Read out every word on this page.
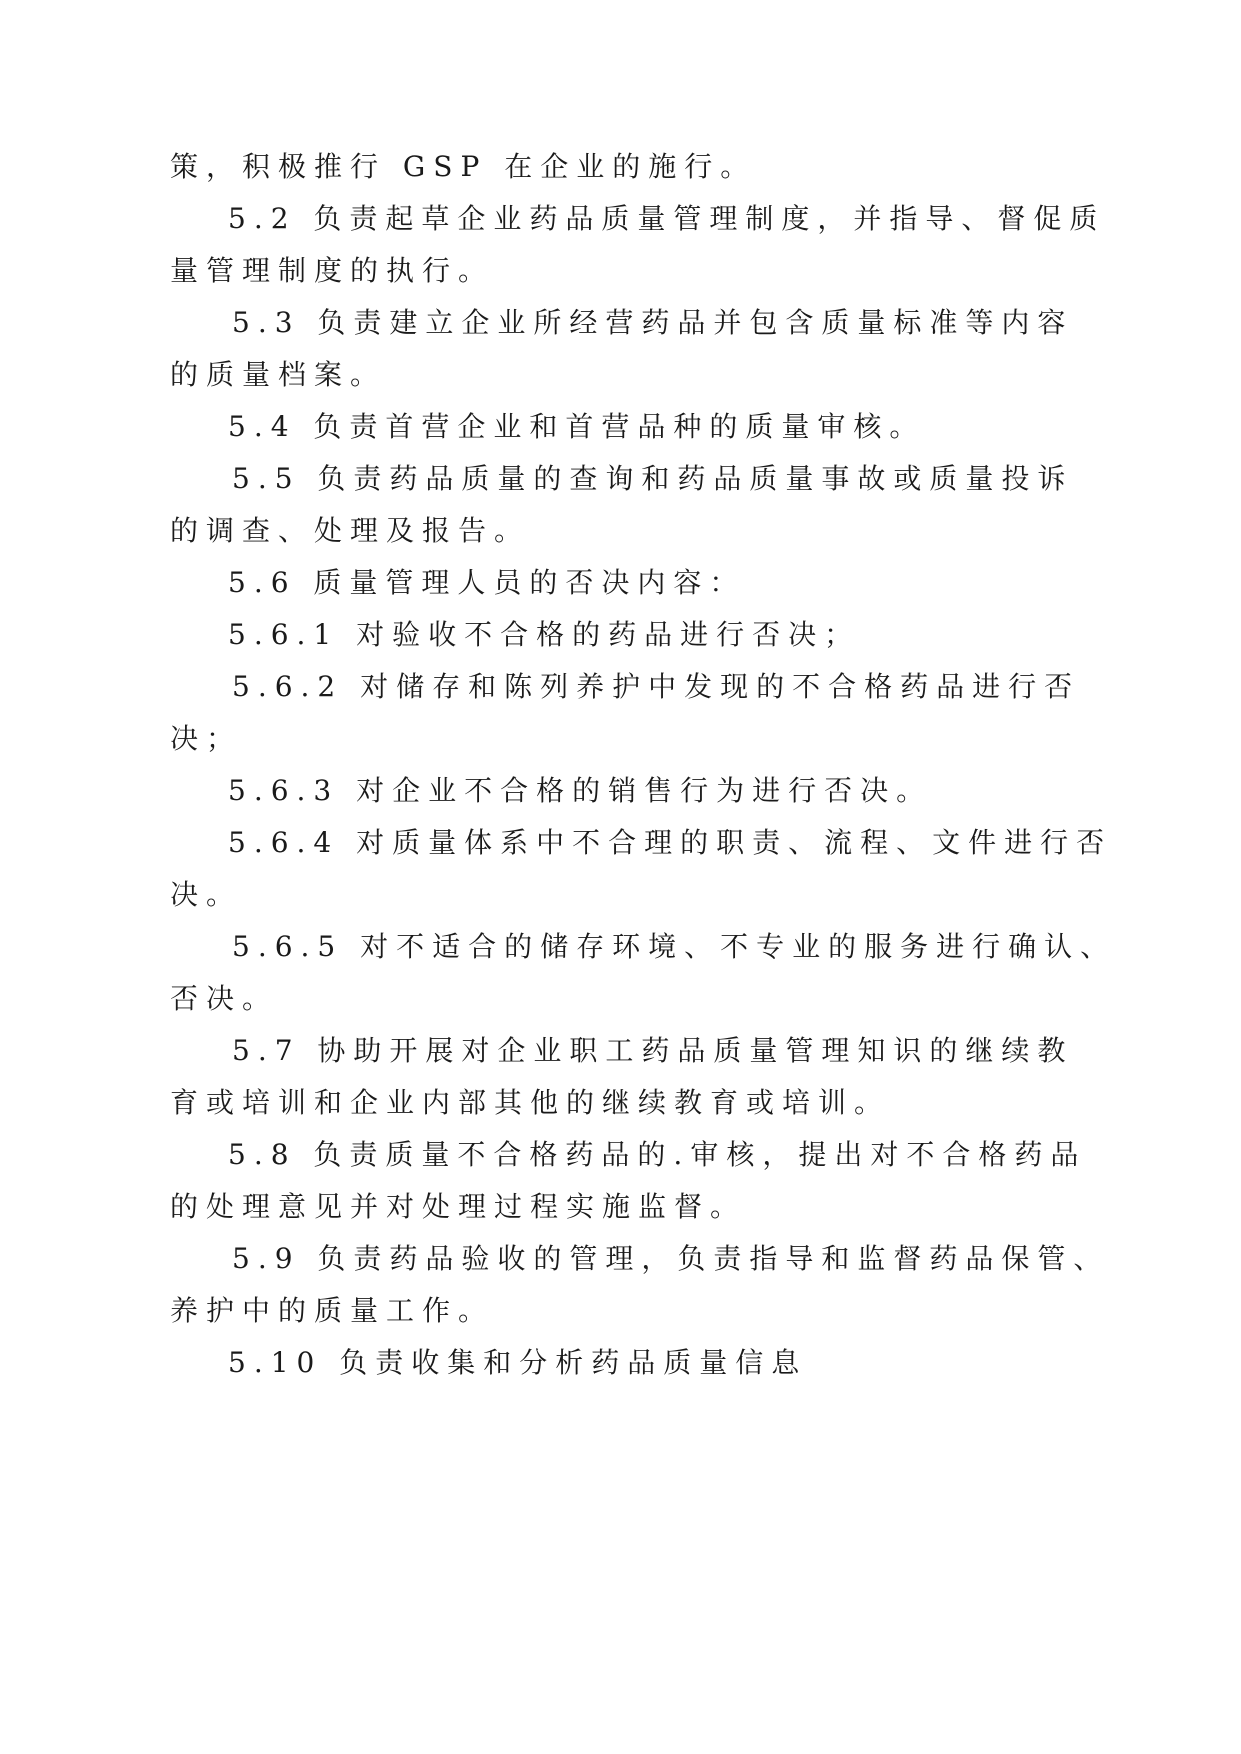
策，积极推行 GSP 在企业的施行。
5.2 负责起草企业药品质量管理制度，并指导、督促质
量管理制度的执行。
5.3 负责建立企业所经营药品并包含质量标准等内容
的质量档案。
5.4 负责首营企业和首营品种的质量审核。
5.5 负责药品质量的查询和药品质量事故或质量投诉
的调查、处理及报告。
5.6 质量管理人员的否决内容：
5.6.1 对验收不合格的药品进行否决；
5.6.2 对储存和陈列养护中发现的不合格药品进行否
决；
5.6.3 对企业不合格的销售行为进行否决。
5.6.4 对质量体系中不合理的职责、流程、文件进行否
决。
5.6.5 对不适合的储存环境、不专业的服务进行确认、
否决。
5.7 协助开展对企业职工药品质量管理知识的继续教
育或培训和企业内部其他的继续教育或培训。
5.8 负责质量不合格药品的.审核，提出对不合格药品
的处理意见并对处理过程实施监督。
5.9 负责药品验收的管理，负责指导和监督药品保管、
养护中的质量工作。
5.10 负责收集和分析药品质量信息
